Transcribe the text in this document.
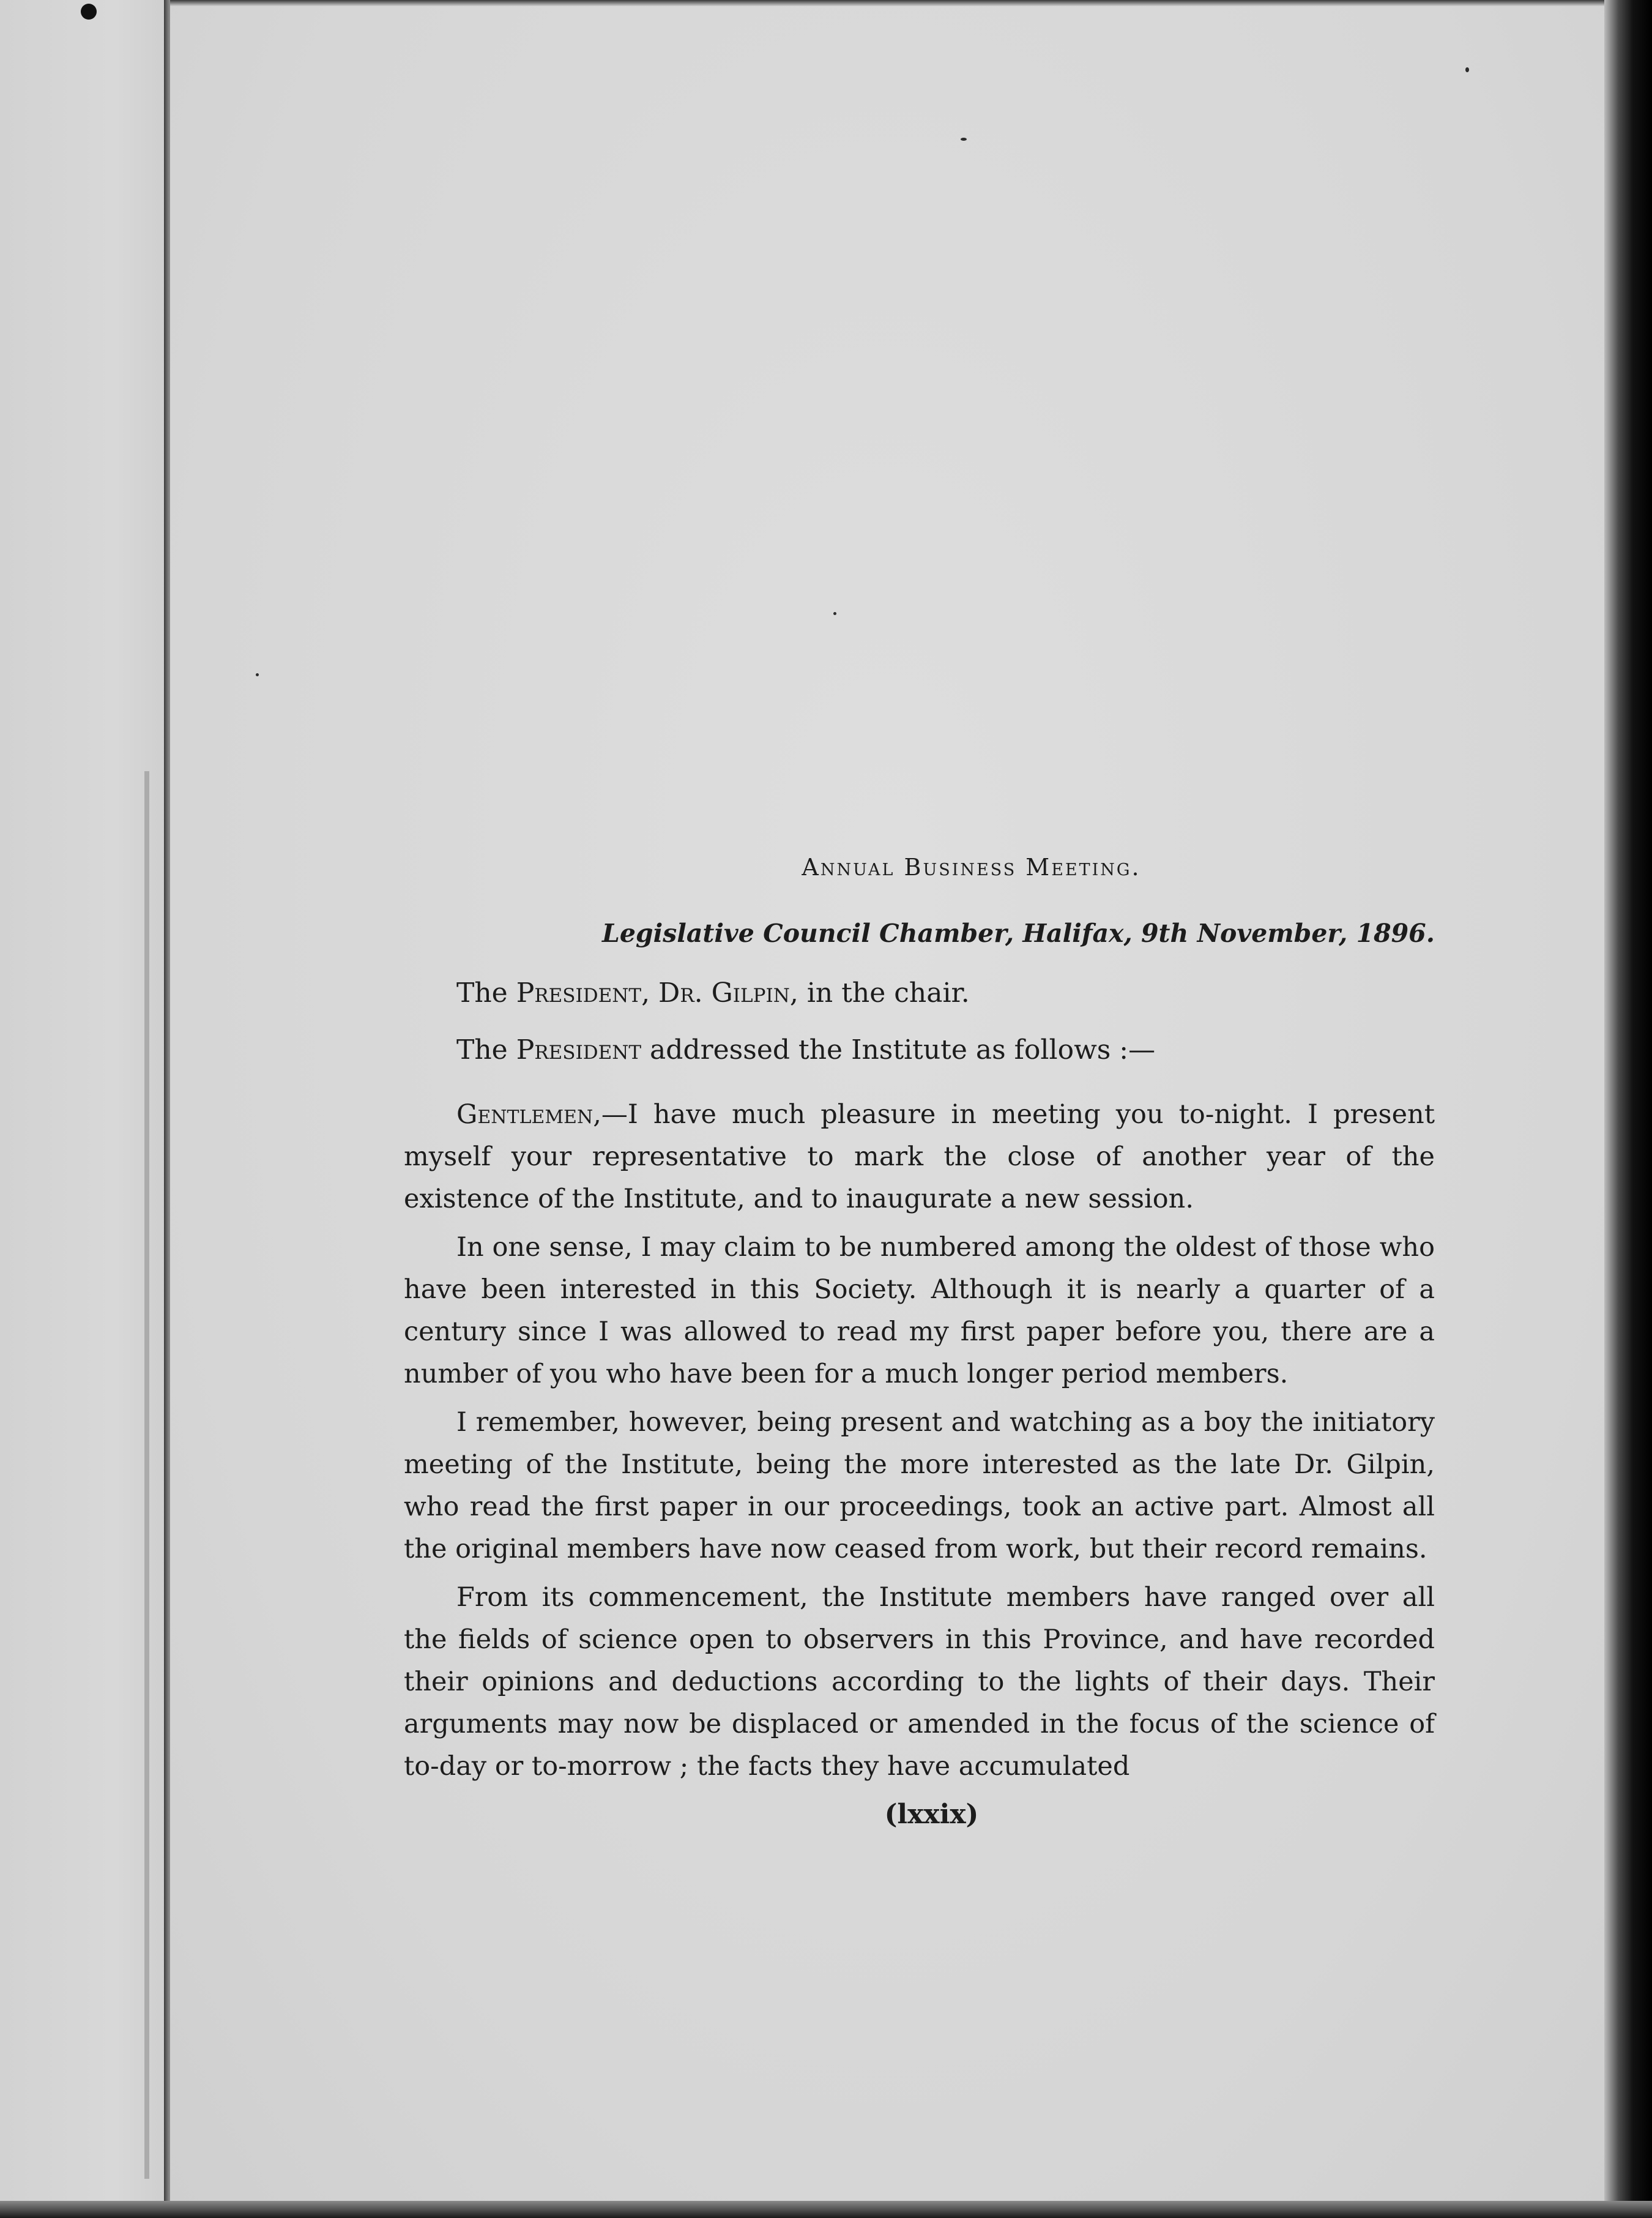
Annual Business Meeting.
Legislative Council Chamber, Halifax, 9th November, 1896.
The President, Dr. Gilpin, in the chair.
The President addressed the Institute as follows :—

Gentlemen,—I have much pleasure in meeting you to-night. I present myself your representative to mark the close of another year of the existence of the Institute, and to inaugurate a new session.

In one sense, I may claim to be numbered among the oldest of those who have been interested in this Society. Although it is nearly a quarter of a century since I was allowed to read my first paper before you, there are a number of you who have been for a much longer period members.

I remember, however, being present and watching as a boy the initiatory meeting of the Institute, being the more interested as the late Dr. Gilpin, who read the first paper in our proceedings, took an active part. Almost all the original members have now ceased from work, but their record remains.

From its commencement, the Institute members have ranged over all the fields of science open to observers in this Province, and have recorded their opinions and deductions according to the lights of their days. Their arguments may now be displaced or amended in the focus of the science of to-day or to-morrow ; the facts they have accumulated

(lxxix)
